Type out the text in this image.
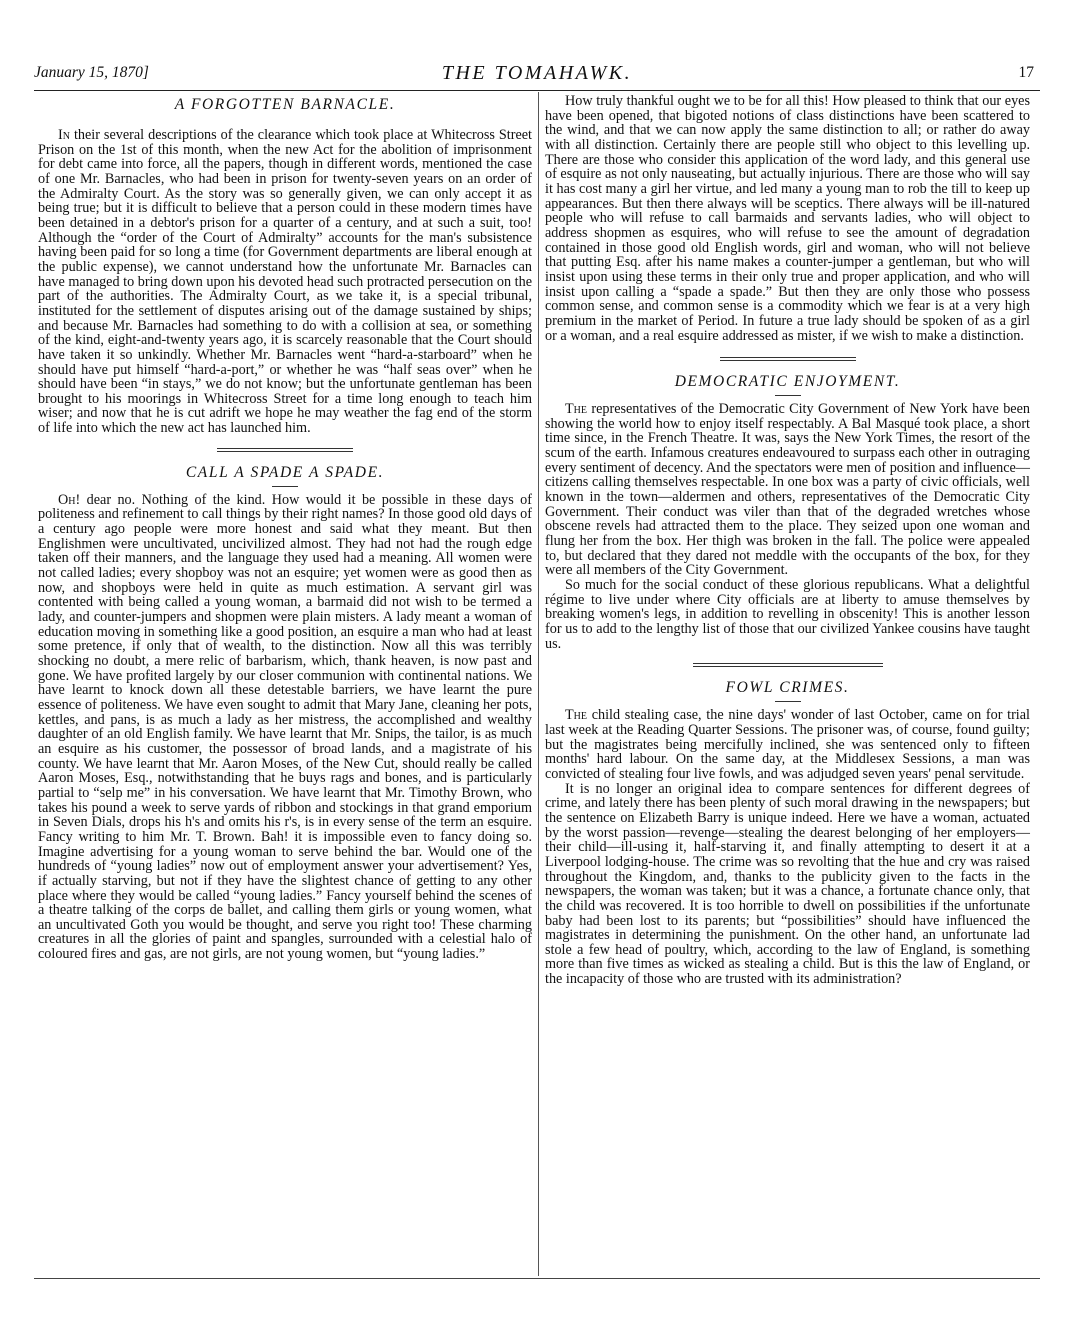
January 15, 1870]	THE TOMAHAWK.	17
A FORGOTTEN BARNACLE.

In their several descriptions of the clearance which took place at Whitecross Street Prison on the 1st of this month, when the new Act for the abolition of imprisonment for debt came into force, all the papers, though in different words, mentioned the case of one Mr. Barnacles, who had been in prison for twenty-seven years on an order of the Admiralty Court. As the story was so generally given, we can only accept it as being true; but it is difficult to believe that a person could in these modern times have been detained in a debtor's prison for a quarter of a century, and at such a suit, too! Although the “order of the Court of Admiralty” accounts for the man's subsistence having been paid for so long a time (for Government departments are liberal enough at the public expense), we cannot understand how the unfortunate Mr. Barnacles can have managed to bring down upon his devoted head such protracted persecution on the part of the authorities. The Admiralty Court, as we take it, is a special tribunal, instituted for the settlement of disputes arising out of the damage sustained by ships; and because Mr. Barnacles had something to do with a collision at sea, or something of the kind, eight-and-twenty years ago, it is scarcely reasonable that the Court should have taken it so unkindly. Whether Mr. Barnacles went “hard-a-starboard” when he should have put himself “hard-a-port,” or whether he was “half seas over” when he should have been “in stays,” we do not know; but the unfortunate gentleman has been brought to his moorings in Whitecross Street for a time long enough to teach him wiser; and now that he is cut adrift we hope he may weather the fag end of the storm of life into which the new act has launched him.

CALL A SPADE A SPADE.

Oh! dear no. Nothing of the kind. How would it be possible in these days of politeness and refinement to call things by their right names? In those good old days of a century ago people were more honest and said what they meant. But then Englishmen were uncultivated, uncivilized almost. They had not had the rough edge taken off their manners, and the language they used had a meaning. All women were not called ladies; every shopboy was not an esquire; yet women were as good then as now, and shopboys were held in quite as much estimation. A servant girl was contented with being called a young woman, a barmaid did not wish to be termed a lady, and counter-jumpers and shopmen were plain misters. A lady meant a woman of education moving in something like a good position, an esquire a man who had at least some pretence, if only that of wealth, to the distinction. Now all this was terribly shocking no doubt, a mere relic of barbarism, which, thank heaven, is now past and gone. We have profited largely by our closer communion with continental nations. We have learnt to knock down all these detestable barriers, we have learnt the pure essence of politeness. We have even sought to admit that Mary Jane, cleaning her pots, kettles, and pans, is as much a lady as her mistress, the accomplished and wealthy daughter of an old English family. We have learnt that Mr. Snips, the tailor, is as much an esquire as his customer, the possessor of broad lands, and a magistrate of his county. We have learnt that Mr. Aaron Moses, of the New Cut, should really be called Aaron Moses, Esq., notwithstanding that he buys rags and bones, and is particularly partial to “selp me” in his conversation. We have learnt that Mr. Timothy Brown, who takes his pound a week to serve yards of ribbon and stockings in that grand emporium in Seven Dials, drops his h's and omits his r's, is in every sense of the term an esquire. Fancy writing to him Mr. T. Brown. Bah! it is impossible even to fancy doing so. Imagine advertising for a young woman to serve behind the bar. Would one of the hundreds of “young ladies” now out of employment answer your advertisement? Yes, if actually starving, but not if they have the slightest chance of getting to any other place where they would be called “young ladies.” Fancy yourself behind the scenes of a theatre talking of the corps de ballet, and calling them girls or young women, what an uncultivated Goth you would be thought, and serve you right too! These charming creatures in all the glories of paint and spangles, surrounded with a celestial halo of coloured fires and gas, are not girls, are not young women, but “young ladies.”

How truly thankful ought we to be for all this! How pleased to think that our eyes have been opened, that bigoted notions of class distinctions have been scattered to the wind, and that we can now apply the same distinction to all; or rather do away with all distinction. Certainly there are people still who object to this levelling up. There are those who consider this application of the word lady, and this general use of esquire as not only nauseating, but actually injurious. There are those who will say it has cost many a girl her virtue, and led many a young man to rob the till to keep up appearances. But then there always will be sceptics. There always will be ill-natured people who will refuse to call barmaids and servants ladies, who will object to address shopmen as esquires, who will refuse to see the amount of degradation contained in those good old English words, girl and woman, who will not believe that putting Esq. after his name makes a counter-jumper a gentleman, but who will insist upon using these terms in their only true and proper application, and who will insist upon calling a “spade a spade.” But then they are only those who possess common sense, and common sense is a commodity which we fear is at a very high premium in the market of Period. In future a true lady should be spoken of as a girl or a woman, and a real esquire addressed as mister, if we wish to make a distinction.

DEMOCRATIC ENJOYMENT.

The representatives of the Democratic City Government of New York have been showing the world how to enjoy itself respectably. A Bal Masqué took place, a short time since, in the French Theatre. It was, says the New York Times, the resort of the scum of the earth. Infamous creatures endeavoured to surpass each other in outraging every sentiment of decency. And the spectators were men of position and influence—citizens calling themselves respectable. In one box was a party of civic officials, well known in the town—aldermen and others, representatives of the Democratic City Government. Their conduct was viler than that of the degraded wretches whose obscene revels had attracted them to the place. They seized upon one woman and flung her from the box. Her thigh was broken in the fall. The police were appealed to, but declared that they dared not meddle with the occupants of the box, for they were all members of the City Government.

So much for the social conduct of these glorious republicans. What a delightful régime to live under where City officials are at liberty to amuse themselves by breaking women's legs, in addition to revelling in obscenity! This is another lesson for us to add to the lengthy list of those that our civilized Yankee cousins have taught us.

FOWL CRIMES.

The child stealing case, the nine days' wonder of last October, came on for trial last week at the Reading Quarter Sessions. The prisoner was, of course, found guilty; but the magistrates being mercifully inclined, she was sentenced only to fifteen months' hard labour. On the same day, at the Middlesex Sessions, a man was convicted of stealing four live fowls, and was adjudged seven years' penal servitude.

It is no longer an original idea to compare sentences for different degrees of crime, and lately there has been plenty of such moral drawing in the newspapers; but the sentence on Elizabeth Barry is unique indeed. Here we have a woman, actuated by the worst passion—revenge—stealing the dearest belonging of her employers—their child—ill-using it, half-starving it, and finally attempting to desert it at a Liverpool lodging-house. The crime was so revolting that the hue and cry was raised throughout the Kingdom, and, thanks to the publicity given to the facts in the newspapers, the woman was taken; but it was a chance, a fortunate chance only, that the child was recovered. It is too horrible to dwell on possibilities if the unfortunate baby had been lost to its parents; but “possibilities” should have influenced the magistrates in determining the punishment. On the other hand, an unfortunate lad stole a few head of poultry, which, according to the law of England, is something more than five times as wicked as stealing a child. But is this the law of England, or the incapacity of those who are trusted with its administration?
